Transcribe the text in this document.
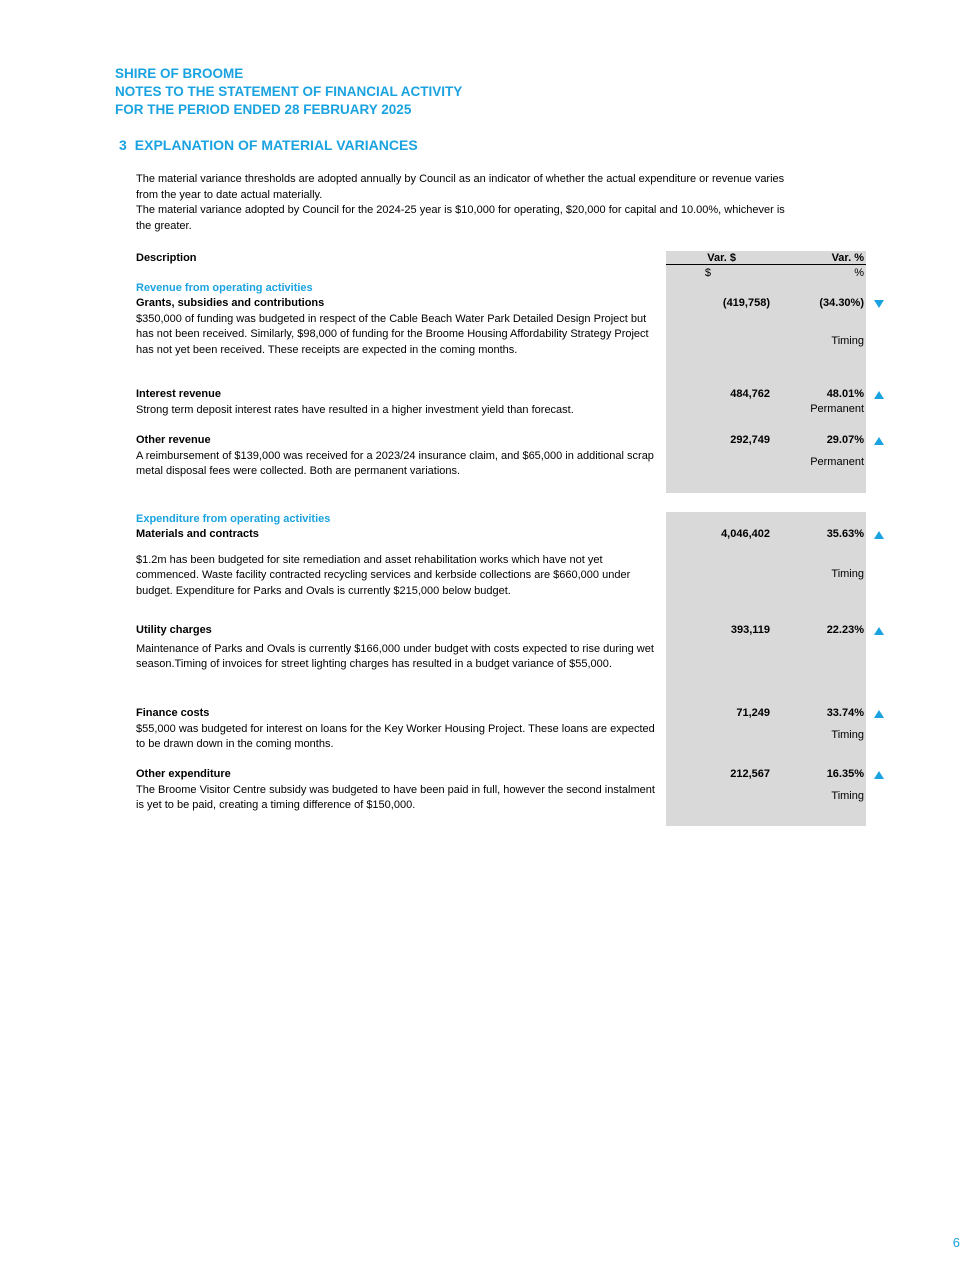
SHIRE OF BROOME
NOTES TO THE STATEMENT OF FINANCIAL ACTIVITY
FOR THE PERIOD ENDED 28 FEBRUARY 2025
3 EXPLANATION OF MATERIAL VARIANCES
The material variance thresholds are adopted annually by Council as an indicator of whether the actual expenditure or revenue varies from the year to date actual materially.
The material variance adopted by Council for the 2024-25 year is $10,000 for operating, $20,000 for capital and 10.00%, whichever is the greater.
Description	Var. $	Var. %
$	%
Revenue from operating activities
Grants, subsidies and contributions
$350,000 of funding was budgeted in respect of the Cable Beach Water Park Detailed Design Project but has not been received. Similarly, $98,000 of funding for the Broome Housing Affordability Strategy Project has not yet been received. These receipts are expected in the coming months.
(419,758)	(34.30%)
Timing
Interest revenue
Strong term deposit interest rates have resulted in a higher investment yield than forecast.
484,762	48.01%
Permanent
Other revenue
A reimbursement of $139,000 was received for a 2023/24 insurance claim, and $65,000 in additional scrap metal disposal fees were collected. Both are permanent variations.
292,749	29.07%
Permanent
Expenditure from operating activities
Materials and contracts
$1.2m has been budgeted for site remediation and asset rehabilitation works which have not yet commenced. Waste facility contracted recycling services and kerbside collections are $660,000 under budget. Expenditure for Parks and Ovals is currently $215,000 below budget.
4,046,402	35.63%
Timing
Utility charges
Maintenance of Parks and Ovals is currently $166,000 under budget with costs expected to rise during wet season.Timing of invoices for street lighting charges has resulted in a budget variance of $55,000.
393,119	22.23%
Finance costs
$55,000 was budgeted for interest on loans for the Key Worker Housing Project. These loans are expected to be drawn down in the coming months.
71,249	33.74%
Timing
Other expenditure
The Broome Visitor Centre subsidy was budgeted to have been paid in full, however the second instalment is yet to be paid, creating a timing difference of $150,000.
212,567	16.35%
Timing
6
